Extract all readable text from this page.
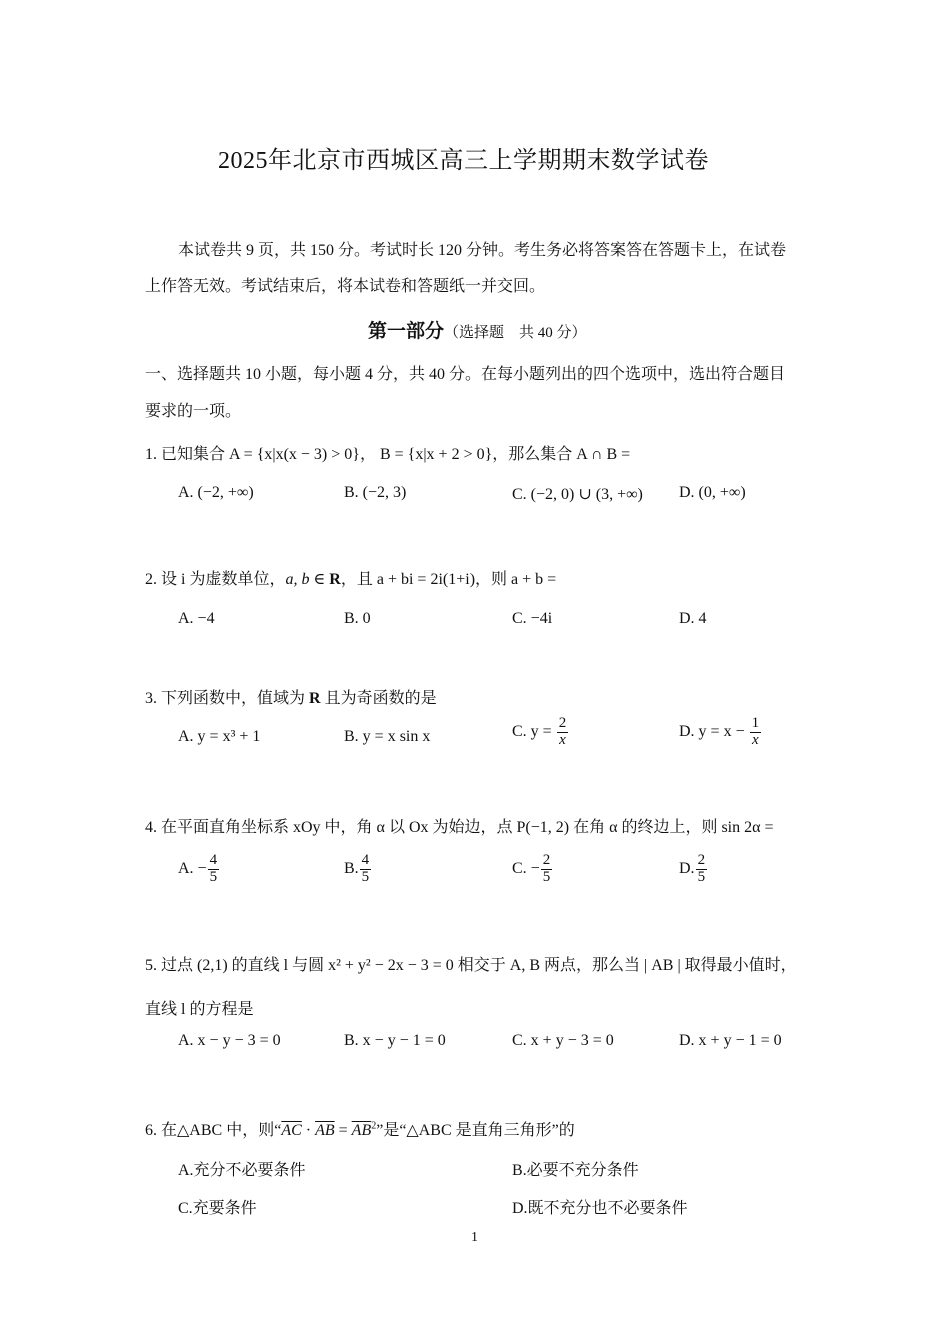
2025年北京市西城区高三上学期期末数学试卷
本试卷共 9 页，共 150 分。考试时长 120 分钟。考生务必将答案答在答题卡上，在试卷
上作答无效。考试结束后，将本试卷和答题纸一并交回。
第一部分（选择题　共 40 分）
一、选择题共 10 小题，每小题 4 分，共 40 分。在每小题列出的四个选项中，选出符合题目
要求的一项。
1. 已知集合 A = {x|x(x − 3) > 0}， B = {x|x + 2 > 0}，那么集合 A ∩ B =
A. (−2, +∞)	B. (−2, 3)	C. (−2, 0) ∪ (3, +∞) D. (0, +∞)
2. 设 i 为虚数单位，a, b ∈ R，且 a + bi = 2i(1+i)，则 a + b =
A. −4	B. 0	C. −4i	D. 4
3. 下列函数中，值域为 R 且为奇函数的是
A. y = x³ + 1	B. y = x sin x	C. $y = \frac{2}{x}$	D. $y = x - \frac{1}{x}$
4. 在平面直角坐标系 xOy 中，角 α 以 Ox 为始边，点 P(−1, 2) 在角 α 的终边上，则 sin 2α =
A. − $\frac{4}{5}$	B. $\frac{4}{5}$	C. − $\frac{2}{5}$	D. $\frac{2}{5}$
5. 过点 (2,1) 的直线 l 与圆 x² + y² − 2x − 3 = 0 相交于 A, B 两点，那么当 | AB | 取得最小值时，
直线 l 的方程是
A. x − y − 3 = 0	B. x − y − 1 = 0	C. x + y − 3 = 0	D. x + y − 1 = 0
6. 在△ABC 中，则“$\overline{AC} \cdot \overline{AB} = \overline{AB}^2$”是“△ABC 是直角三角形”的
A.充分不必要条件	B.必要不充分条件
C.充要条件	D.既不充分也不必要条件
1
